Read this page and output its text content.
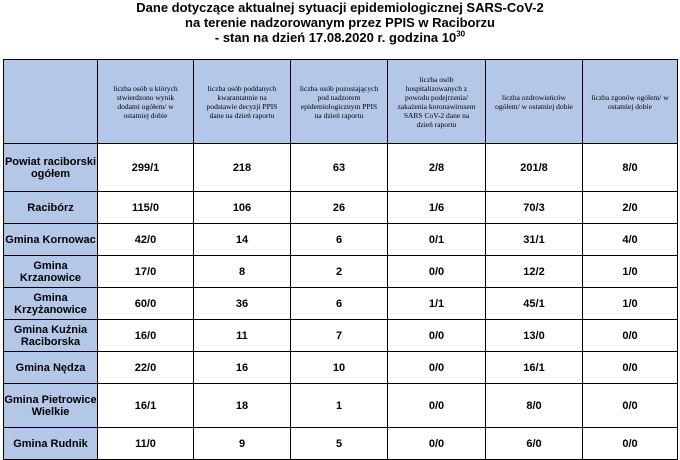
Dane dotyczące aktualnej sytuacji epidemiologicznej SARS-CoV-2
na terenie nadzorowanym przez PPIS w Raciborzu
- stan na dzień 17.08.2020 r. godzina $10^{30}$

	liczba osób u których stwierdzono wynik dodatni ogółem/ w ostatniej dobie	liczba osób poddanych kwarantannie na podstawie decyzji PPIS dane na dzień raportu	liczba osób pozostających pod nadzorem epidemiologicznym PPIS na dzień raportu	liczba osób hospitalizowanych z powodu podejrzenia/ zakażenia koronawirusem SARS CoV-2 dane na dzień raportu	liczba ozdrowieńców ogółem/ w ostatniej dobie	liczba zgonów ogółem/ w ostatniej dobie

Powiat raciborski ogółem	299/1	218	63	2/8	201/8	8/0
Racibórz	115/0	106	26	1/6	70/3	2/0
Gmina Kornowac	42/0	14	6	0/1	31/1	4/0
Gmina Krzanowice	17/0	8	2	0/0	12/2	1/0
Gmina Krzyżanowice	60/0	36	6	1/1	45/1	1/0
Gmina Kuźnia Raciborska	16/0	11	7	0/0	13/0	0/0
Gmina Nędza	22/0	16	10	0/0	16/1	0/0
Gmina Pietrowice Wielkie	16/1	18	1	0/0	8/0	0/0
Gmina Rudnik	11/0	9	5	0/0	6/0	0/0
